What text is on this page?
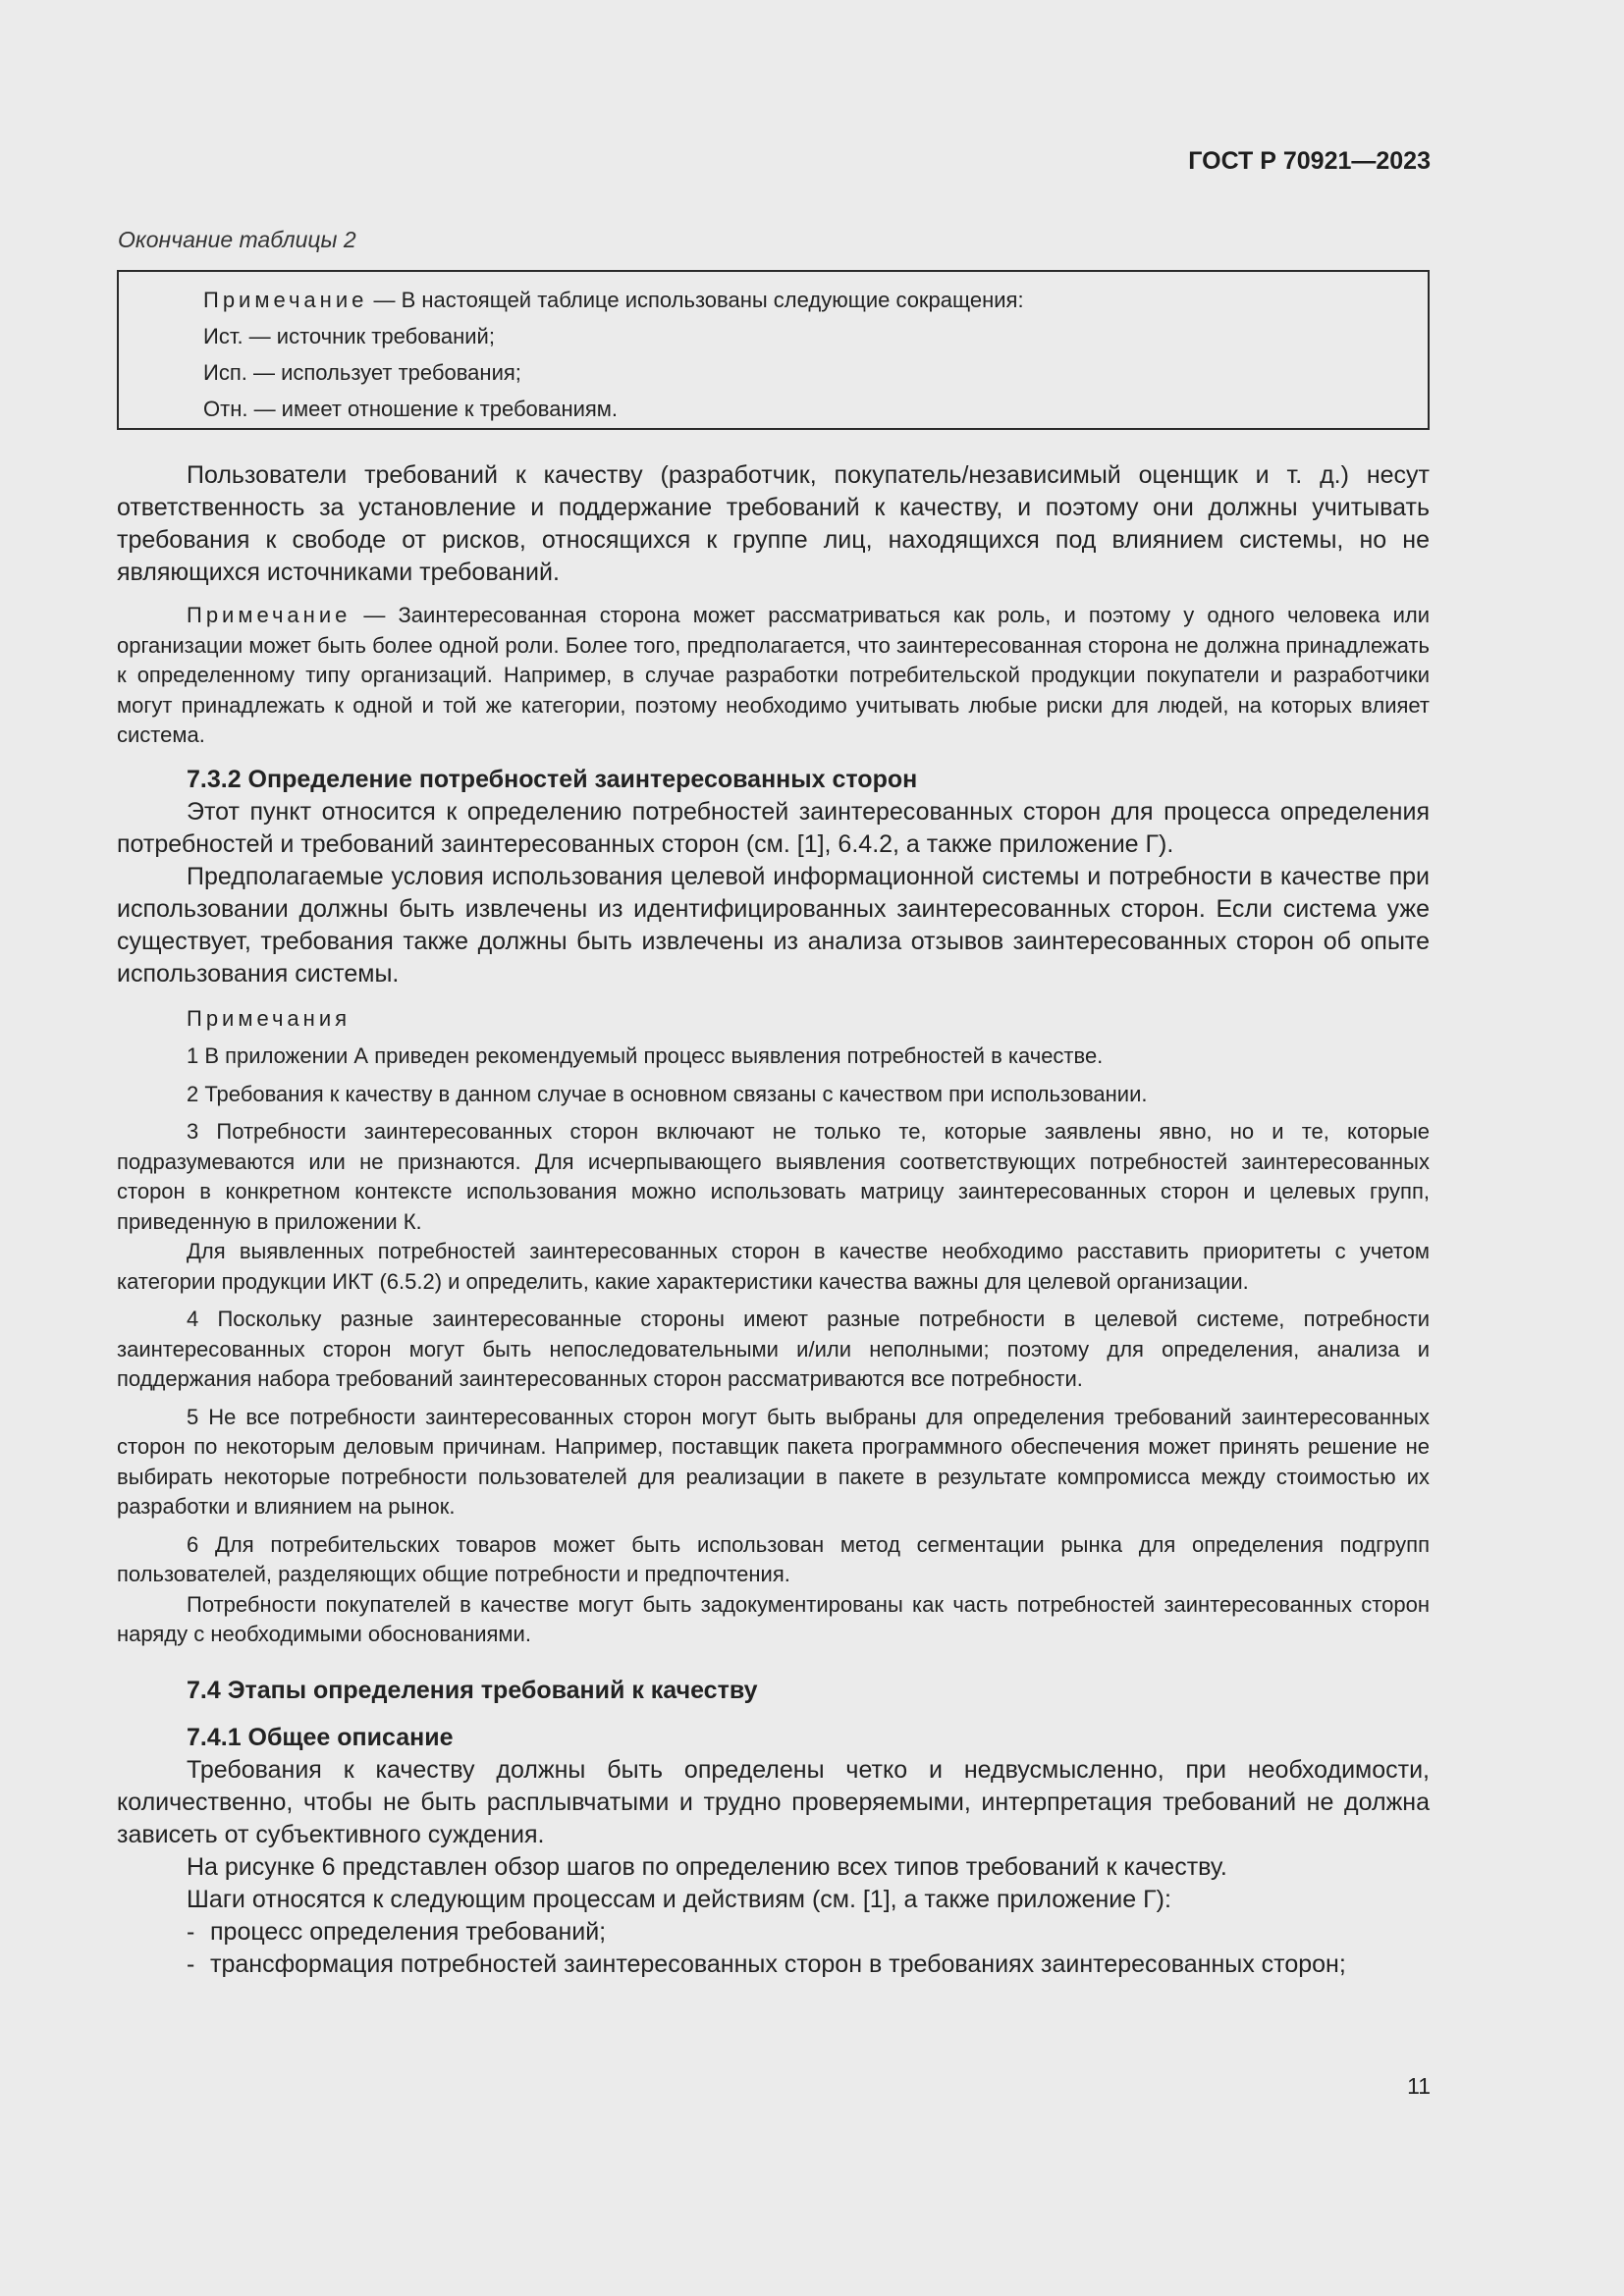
ГОСТ Р 70921—2023
Окончание таблицы 2
Примечание — В настоящей таблице использованы следующие сокращения:
Ист. — источник требований;
Исп. — использует требования;
Отн. — имеет отношение к требованиям.

Пользователи требований к качеству (разработчик, покупатель/независимый оценщик и т. д.) несут ответственность за установление и поддержание требований к качеству, и поэтому они должны учитывать требования к свободе от рисков, относящихся к группе лиц, находящихся под влиянием системы, но не являющихся источниками требований.

Примечание — Заинтересованная сторона может рассматриваться как роль, и поэтому у одного человека или организации может быть более одной роли. Более того, предполагается, что заинтересованная сторона не должна принадлежать к определенному типу организаций. Например, в случае разработки потребительской продукции покупатели и разработчики могут принадлежать к одной и той же категории, поэтому необходимо учитывать любые риски для людей, на которых влияет система.

7.3.2 Определение потребностей заинтересованных сторон

Этот пункт относится к определению потребностей заинтересованных сторон для процесса определения потребностей и требований заинтересованных сторон (см. [1], 6.4.2, а также приложение Г).

Предполагаемые условия использования целевой информационной системы и потребности в качестве при использовании должны быть извлечены из идентифицированных заинтересованных сторон. Если система уже существует, требования также должны быть извлечены из анализа отзывов заинтересованных сторон об опыте использования системы.

Примечания

1 В приложении А приведен рекомендуемый процесс выявления потребностей в качестве.

2 Требования к качеству в данном случае в основном связаны с качеством при использовании.

3 Потребности заинтересованных сторон включают не только те, которые заявлены явно, но и те, которые подразумеваются или не признаются. Для исчерпывающего выявления соответствующих потребностей заинтересованных сторон в конкретном контексте использования можно использовать матрицу заинтересованных сторон и целевых групп, приведенную в приложении К.

Для выявленных потребностей заинтересованных сторон в качестве необходимо расставить приоритеты с учетом категории продукции ИКТ (6.5.2) и определить, какие характеристики качества важны для целевой организации.

4 Поскольку разные заинтересованные стороны имеют разные потребности в целевой системе, потребности заинтересованных сторон могут быть непоследовательными и/или неполными; поэтому для определения, анализа и поддержания набора требований заинтересованных сторон рассматриваются все потребности.

5 Не все потребности заинтересованных сторон могут быть выбраны для определения требований заинтересованных сторон по некоторым деловым причинам. Например, поставщик пакета программного обеспечения может принять решение не выбирать некоторые потребности пользователей для реализации в пакете в результате компромисса между стоимостью их разработки и влиянием на рынок.

6 Для потребительских товаров может быть использован метод сегментации рынка для определения подгрупп пользователей, разделяющих общие потребности и предпочтения.

Потребности покупателей в качестве могут быть задокументированы как часть потребностей заинтересованных сторон наряду с необходимыми обоснованиями.

7.4 Этапы определения требований к качеству
7.4.1 Общее описание

Требования к качеству должны быть определены четко и недвусмысленно, при необходимости, количественно, чтобы не быть расплывчатыми и трудно проверяемыми, интерпретация требований не должна зависеть от субъективного суждения.

На рисунке 6 представлен обзор шагов по определению всех типов требований к качеству.

Шаги относятся к следующим процессам и действиям (см. [1], а также приложение Г):

- процесс определения требований;

- трансформация потребностей заинтересованных сторон в требованиях заинтересованных сторон;

11
